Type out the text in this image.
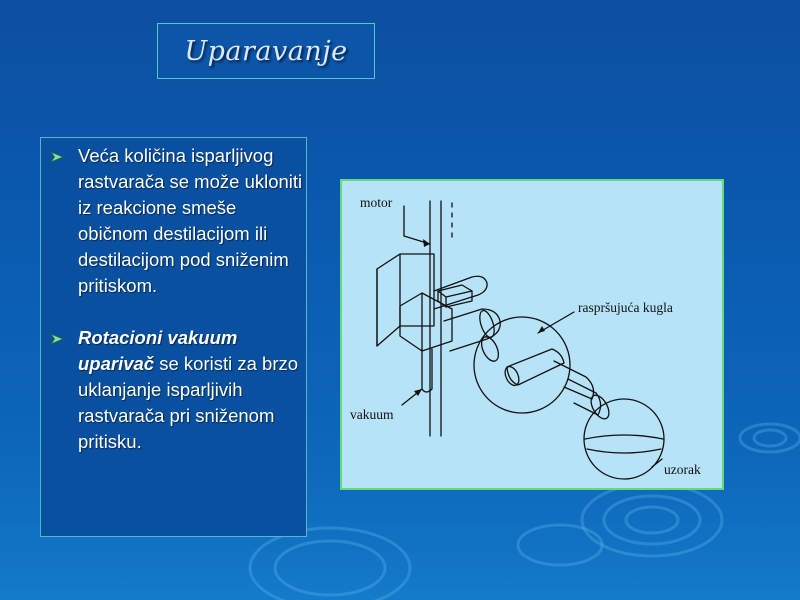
Uparavanje
Veća količina isparljivog rastvarača se može ukloniti iz reakcione smeše običnom destilacijom ili destilacijom pod sniženim pritiskom.
Rotacioni vakuum uparivač se koristi za brzo uklanjanje isparljivih rastvarača pri sniženom pritisku.
motor
raspršujuća kugla
vakuum
uzorak
